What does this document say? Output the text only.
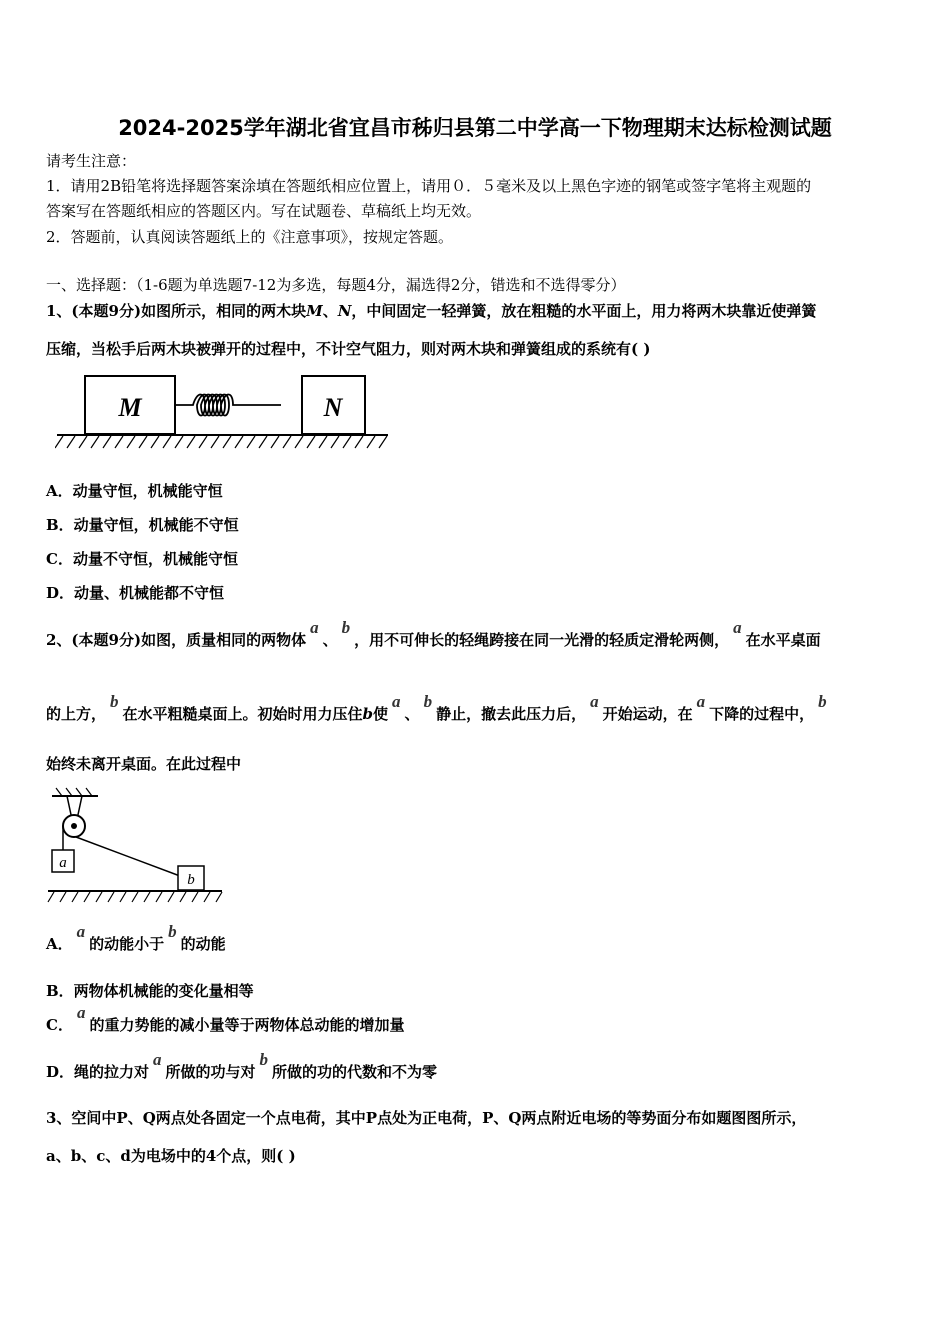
2024-2025学年湖北省宜昌市秭归县第二中学高一下物理期末达标检测试题
请考生注意：
1．请用2B铅笔将选择题答案涂填在答题纸相应位置上，请用０．５毫米及以上黑色字迹的钢笔或签字笔将主观题的
答案写在答题纸相应的答题区内。写在试题卷、草稿纸上均无效。
2．答题前，认真阅读答题纸上的《注意事项》，按规定答题。
一、选择题：（1-6题为单选题7-12为多选，每题4分，漏选得2分，错选和不选得零分）
1、(本题9分)如图所示，相同的两木块M、N，中间固定一轻弹簧，放在粗糙的水平面上，用力将两木块靠近使弹簧
压缩，当松手后两木块被弹开的过程中，不计空气阻力，则对两木块和弹簧组成的系统有( )
M	N
A．动量守恒，机械能守恒
B．动量守恒，机械能不守恒
C．动量不守恒，机械能守恒
D．动量、机械能都不守恒
2、(本题9分)如图，质量相同的两物体a、b，用不可伸长的轻绳跨接在同一光滑的轻质定滑轮两侧，a在水平桌面
的上方，b在水平粗糙桌面上。初始时用力压住b使a、b静止，撤去此压力后，a开始运动，在a下降的过程中，b
始终未离开桌面。在此过程中
a
b
A．a的动能小于b的动能
B．两物体机械能的变化量相等
C．a的重力势能的减小量等于两物体总动能的增加量
D．绳的拉力对a所做的功与对b所做的功的代数和不为零
3、空间中P、Q两点处各固定一个点电荷，其中P点处为正电荷，P、Q两点附近电场的等势面分布如题图图所示，
a、b、c、d为电场中的4个点，则( )
